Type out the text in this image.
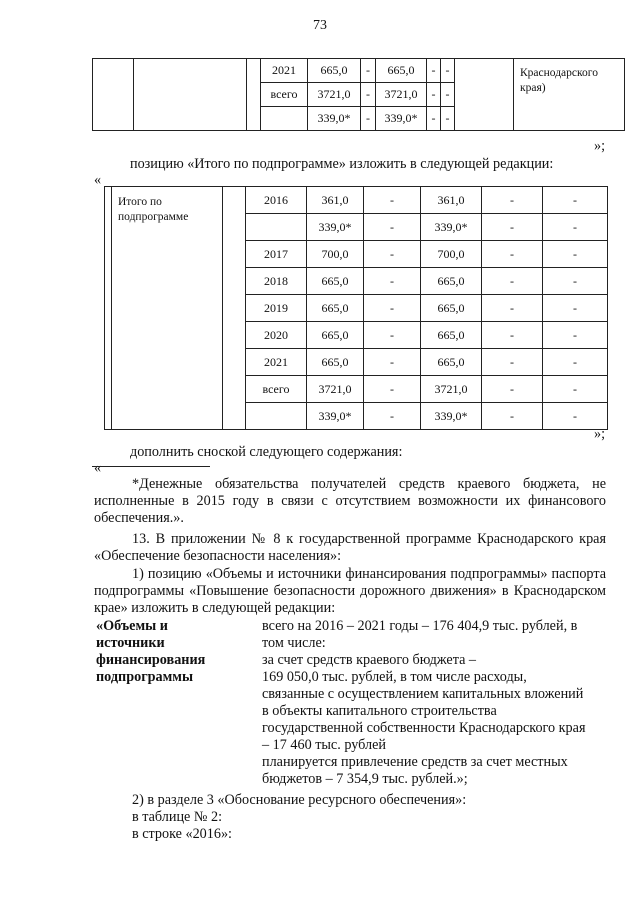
73
			2021	665,0	-	665,0	-	-		Краснодарского края)
			всего	3721,0	-	3721,0	-	-		
				339,0*	-	339,0*	-	-		
»;
позицию «Итого по подпрограмме» изложить в следующей редакции:
«
	Итого по подпрограмме		2016	361,0	-	361,0	-	-
				339,0*	-	339,0*	-	-
			2017	700,0	-	700,0	-	-
			2018	665,0	-	665,0	-	-
			2019	665,0	-	665,0	-	-
			2020	665,0	-	665,0	-	-
			2021	665,0	-	665,0	-	-
			всего	3721,0	-	3721,0	-	-
				339,0*	-	339,0*	-	-
»;
дополнить сноской следующего содержания:
«
*Денежные обязательства получателей средств краевого бюджета, не исполненные в 2015 году в связи с отсутствием возможности их финансового обеспечения.».
13. В приложении № 8 к государственной программе Краснодарского края «Обеспечение безопасности населения»:
1) позицию «Объемы и источники финансирования подпрограммы» паспорта подпрограммы «Повышение безопасности дорожного движения» в Краснодарском крае» изложить в следующей редакции:
«Объемы и
источники
финансирования
подпрограммы
всего на 2016 – 2021 годы – 176 404,9 тыс. рублей, в
том числе:
за счет средств краевого бюджета –
169 050,0 тыс. рублей, в том числе расходы,
связанные с осуществлением капитальных вложений
в объекты капитального строительства
государственной собственности Краснодарского края
– 17 460 тыс. рублей
планируется привлечение средств за счет местных
бюджетов – 7 354,9 тыс. рублей.»;
2) в разделе 3 «Обоснование ресурсного обеспечения»:
в таблице № 2:
в строке «2016»:
